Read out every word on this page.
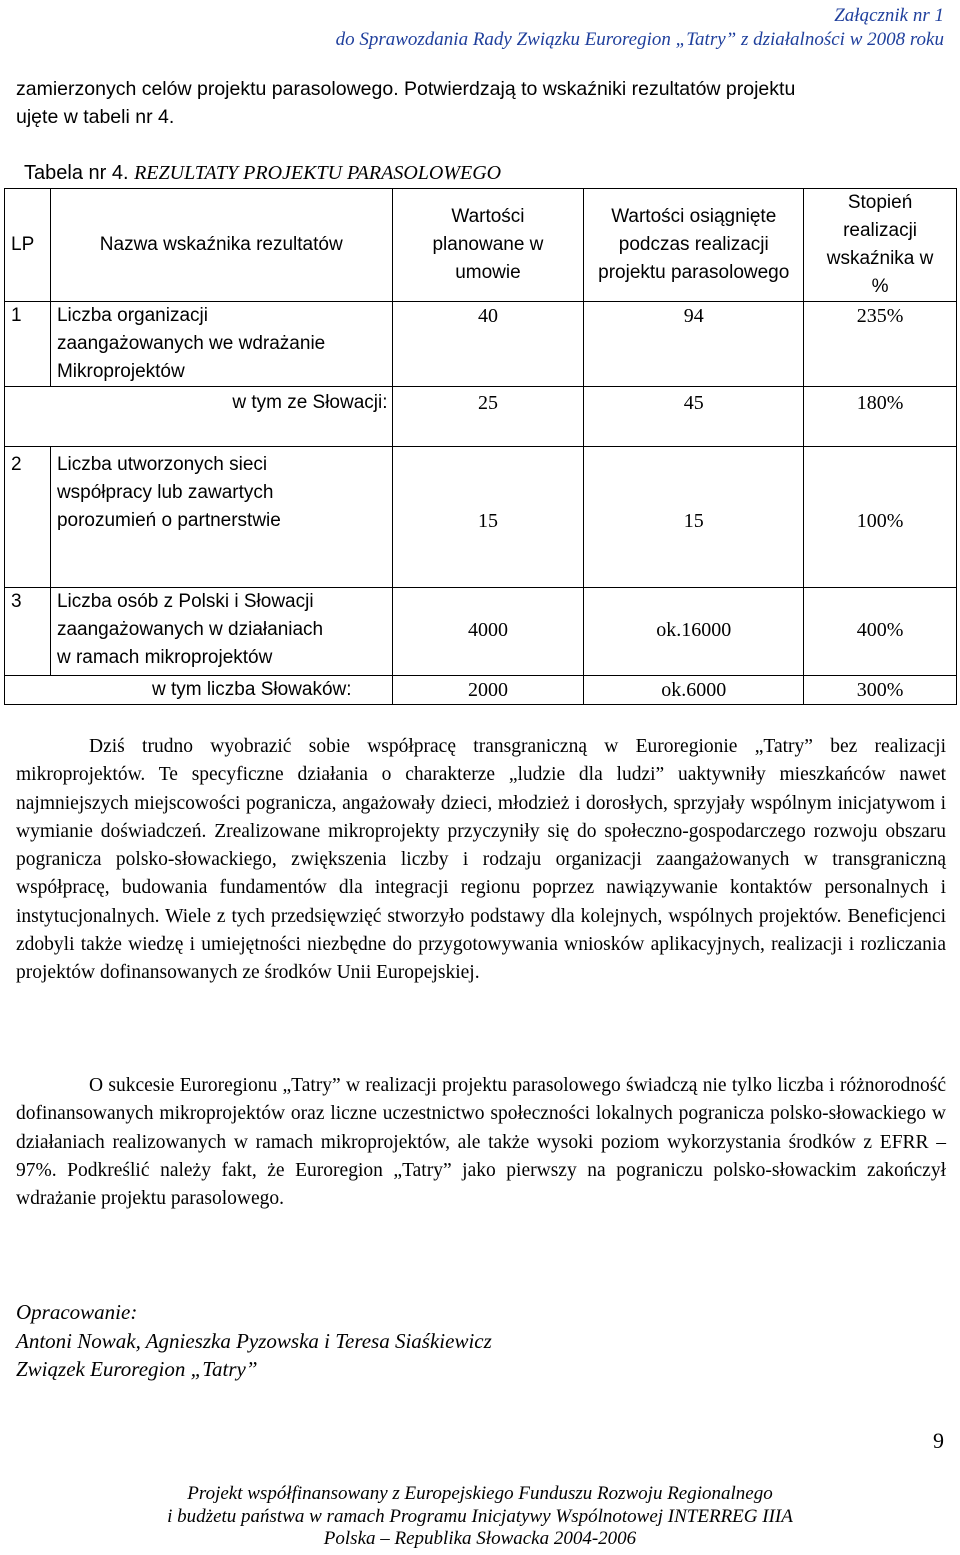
Załącznik nr 1
do Sprawozdania Rady Związku Euroregion „Tatry” z działalności w 2008 roku
zamierzonych celów projektu parasolowego. Potwierdzają to wskaźniki rezultatów projektu
ujęte w tabeli nr 4.
Tabela nr 4. REZULTATY PROJEKTU PARASOLOWEGO
LP	Nazwa wskaźnika rezultatów	Wartości planowane w umowie	Wartości osiągnięte podczas realizacji projektu parasolowego	Stopień realizacji wskaźnika w %
1	Liczba organizacji zaangażowanych we wdrażanie Mikroprojektów	40	94	235%
w tym ze Słowacji:		25	45	180%
2	Liczba utworzonych sieci współpracy lub zawartych porozumień o partnerstwie	15	15	100%
3	Liczba osób z Polski i Słowacji zaangażowanych w działaniach w ramach mikroprojektów	4000	ok.16000	400%
w tym liczba Słowaków:		2000	ok.6000	300%

Dziś trudno wyobrazić sobie współpracę transgraniczną w Euroregionie „Tatry” bez realizacji mikroprojektów. Te specyficzne działania o charakterze „ludzie dla ludzi” uaktywniły mieszkańców nawet najmniejszych miejscowości pogranicza, angażowały dzieci, młodzież i dorosłych, sprzyjały wspólnym inicjatywom i wymianie doświadczeń. Zrealizowane mikroprojekty przyczyniły się do społeczno-gospodarczego rozwoju obszaru pogranicza polsko-słowackiego, zwiększenia liczby i rodzaju organizacji zaangażowanych w transgraniczną współpracę, budowania fundamentów dla integracji regionu poprzez nawiązywanie kontaktów personalnych i instytucjonalnych. Wiele z tych przedsięwzięć stworzyło podstawy dla kolejnych, wspólnych projektów. Beneficjenci zdobyli także wiedzę i umiejętności niezbędne do przygotowywania wniosków aplikacyjnych, realizacji i rozliczania projektów dofinansowanych ze środków Unii Europejskiej.

O sukcesie Euroregionu „Tatry” w realizacji projektu parasolowego świadczą nie tylko liczba i różnorodność dofinansowanych mikroprojektów oraz liczne uczestnictwo społeczności lokalnych pogranicza polsko-słowackiego w działaniach realizowanych w ramach mikroprojektów, ale także wysoki poziom wykorzystania środków z EFRR – 97%. Podkreślić należy fakt, że Euroregion „Tatry” jako pierwszy na pograniczu polsko-słowackim zakończył wdrażanie projektu parasolowego.

Opracowanie:
Antoni Nowak, Agnieszka Pyzowska i Teresa Siaśkiewicz
Związek Euroregion „Tatry”
9
Projekt współfinansowany z Europejskiego Funduszu Rozwoju Regionalnego
i budżetu państwa w ramach Programu Inicjatywy Wspólnotowej INTERREG IIIA
Polska – Republika Słowacka 2004-2006
